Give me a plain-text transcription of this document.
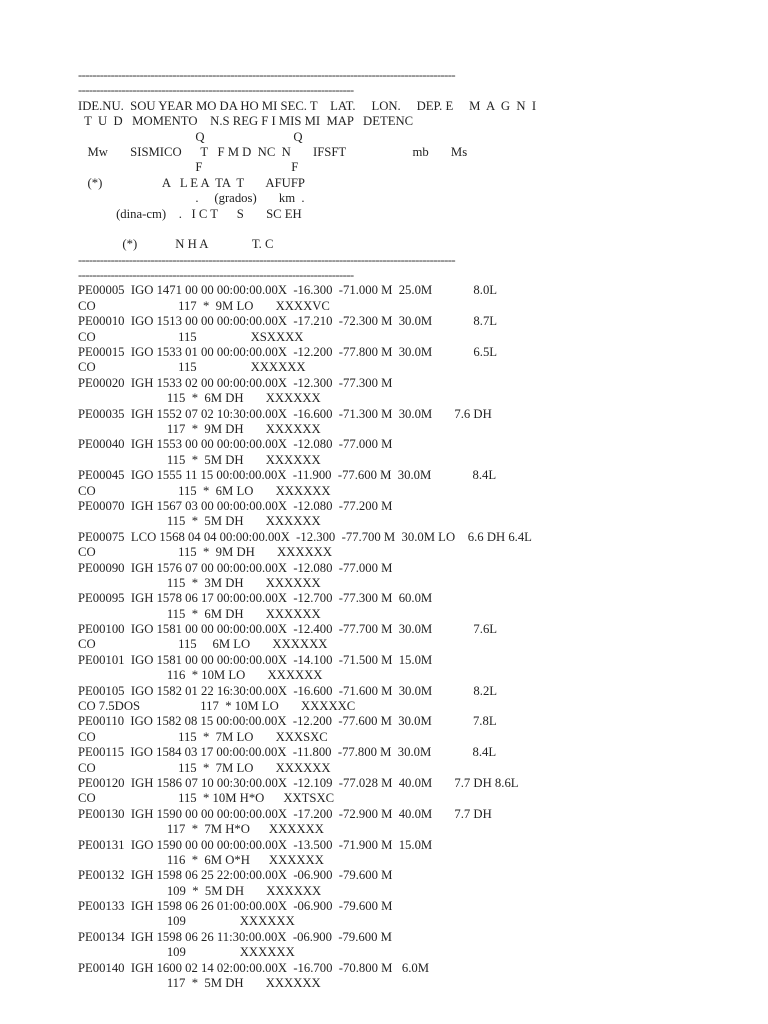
--------------------------------------------------------------------------------------------------------
----------------------------------------------------------------------------
IDE.NU.  SOU YEAR MO DA HO MI SEC. T    LAT.     LON.     DEP. E     M  A  G  N  I
T  U  D   MOMENTO    N.S REG F I MIS MI  MAP   DETENC
Q                            Q
Mw       SISMICO      T   F M D  NC  N       IFSFT                     mb       Ms
F                            F
(*)                   A   L E A  TA  T       AFUFP
.     (grados)       km  .
(dina-cm)    .   I C T      S       SC EH
(*)            N H A              T. C
--------------------------------------------------------------------------------------------------------
----------------------------------------------------------------------------
PE00005  IGO 1471 00 00 00:00:00.00X  -16.300  -71.000 M  25.0M             8.0L
CO                          117  *  9M LO       XXXXVC
PE00010  IGO 1513 00 00 00:00:00.00X  -17.210  -72.300 M  30.0M             8.7L
CO                          115                 XSXXXX
PE00015  IGO 1533 01 00 00:00:00.00X  -12.200  -77.800 M  30.0M             6.5L
CO                          115                 XXXXXX
PE00020  IGH 1533 02 00 00:00:00.00X  -12.300  -77.300 M
115  *  6M DH       XXXXXX
PE00035  IGH 1552 07 02 10:30:00.00X  -16.600  -71.300 M  30.0M       7.6 DH
117  *  9M DH       XXXXXX
PE00040  IGH 1553 00 00 00:00:00.00X  -12.080  -77.000 M
115  *  5M DH       XXXXXX
PE00045  IGO 1555 11 15 00:00:00.00X  -11.900  -77.600 M  30.0M             8.4L
CO                          115  *  6M LO       XXXXXX
PE00070  IGH 1567 03 00 00:00:00.00X  -12.080  -77.200 M
115  *  5M DH       XXXXXX
PE00075  LCO 1568 04 04 00:00:00.00X  -12.300  -77.700 M  30.0M LO    6.6 DH 6.4L
CO                          115  *  9M DH       XXXXXX
PE00090  IGH 1576 07 00 00:00:00.00X  -12.080  -77.000 M
115  *  3M DH       XXXXXX
PE00095  IGH 1578 06 17 00:00:00.00X  -12.700  -77.300 M  60.0M
115  *  6M DH       XXXXXX
PE00100  IGO 1581 00 00 00:00:00.00X  -12.400  -77.700 M  30.0M             7.6L
CO                          115     6M LO       XXXXXX
PE00101  IGO 1581 00 00 00:00:00.00X  -14.100  -71.500 M  15.0M
116  * 10M LO       XXXXXX
PE00105  IGO 1582 01 22 16:30:00.00X  -16.600  -71.600 M  30.0M             8.2L
CO 7.5DOS                   117  * 10M LO       XXXXXC
PE00110  IGO 1582 08 15 00:00:00.00X  -12.200  -77.600 M  30.0M             7.8L
CO                          115  *  7M LO       XXXSXC
PE00115  IGO 1584 03 17 00:00:00.00X  -11.800  -77.800 M  30.0M             8.4L
CO                          115  *  7M LO       XXXXXX
PE00120  IGH 1586 07 10 00:30:00.00X  -12.109  -77.028 M  40.0M       7.7 DH 8.6L
CO                          115  * 10M H*O      XXTSXC
PE00130  IGH 1590 00 00 00:00:00.00X  -17.200  -72.900 M  40.0M       7.7 DH
117  *  7M H*O      XXXXXX
PE00131  IGO 1590 00 00 00:00:00.00X  -13.500  -71.900 M  15.0M
116  *  6M O*H      XXXXXX
PE00132  IGH 1598 06 25 22:00:00.00X  -06.900  -79.600 M
109  *  5M DH       XXXXXX
PE00133  IGH 1598 06 26 01:00:00.00X  -06.900  -79.600 M
109                 XXXXXX
PE00134  IGH 1598 06 26 11:30:00.00X  -06.900  -79.600 M
109                 XXXXXX
PE00140  IGH 1600 02 14 02:00:00.00X  -16.700  -70.800 M   6.0M
117  *  5M DH       XXXXXX
